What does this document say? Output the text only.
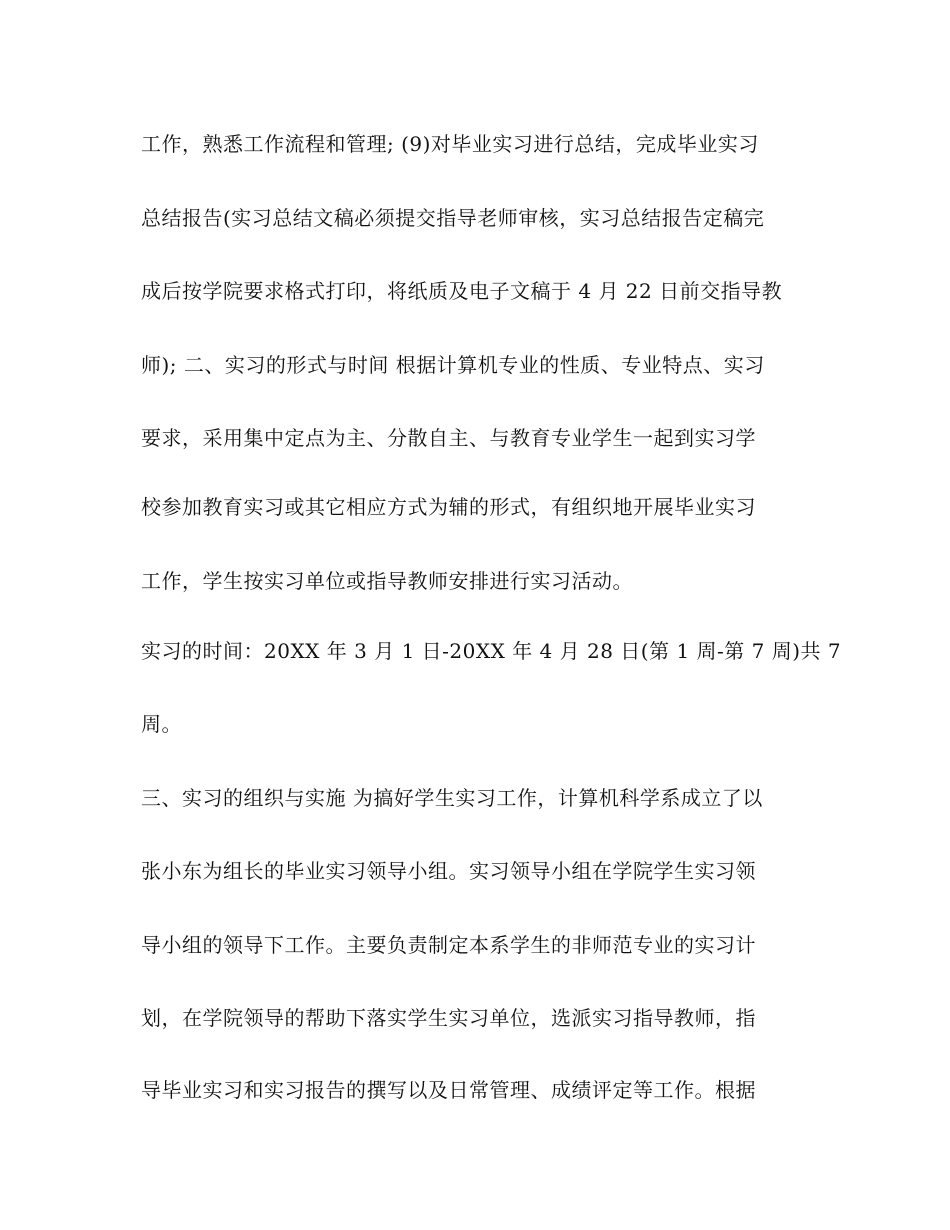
工作，熟悉工作流程和管理; (9)对毕业实习进行总结，完成毕业实习
总结报告(实习总结文稿必须提交指导老师审核，实习总结报告定稿完
成后按学院要求格式打印，将纸质及电子文稿于 4 月 22 日前交指导教
师); 二、实习的形式与时间 根据计算机专业的性质、专业特点、实习
要求，采用集中定点为主、分散自主、与教育专业学生一起到实习学
校参加教育实习或其它相应方式为辅的形式，有组织地开展毕业实习
工作，学生按实习单位或指导教师安排进行实习活动。
实习的时间：20XX 年 3 月 1 日-20XX 年 4 月 28 日(第 1 周-第 7 周)共 7
周。
三、实习的组织与实施 为搞好学生实习工作，计算机科学系成立了以
张小东为组长的毕业实习领导小组。实习领导小组在学院学生实习领
导小组的领导下工作。主要负责制定本系学生的非师范专业的实习计
划，在学院领导的帮助下落实学生实习单位，选派实习指导教师，指
导毕业实习和实习报告的撰写以及日常管理、成绩评定等工作。根据
